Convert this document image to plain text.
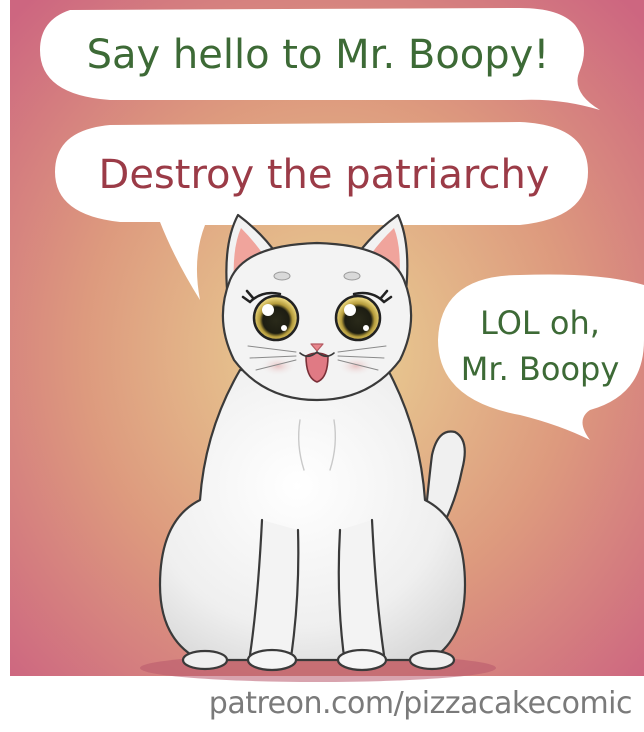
Say hello to Mr. Boopy!
Destroy the patriarchy
LOL oh,
Mr. Boopy
patreon.com/pizzacakecomic
